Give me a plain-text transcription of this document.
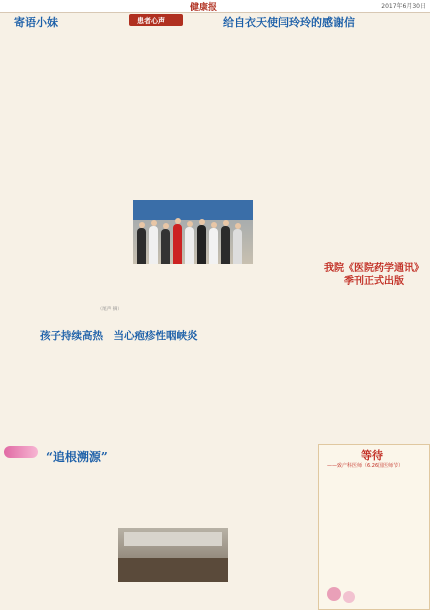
健康报	2017年6月30日
寄语小妹

（尾声 摘）
患者心声	给自衣天使闫玲玲的感谢信

孩子持续高热　当心疱疹性咽峡炎

我院《医院药学通讯》季刊正式出版

“追根溯源”	等待
——致产科医师（6.26国医师节）
